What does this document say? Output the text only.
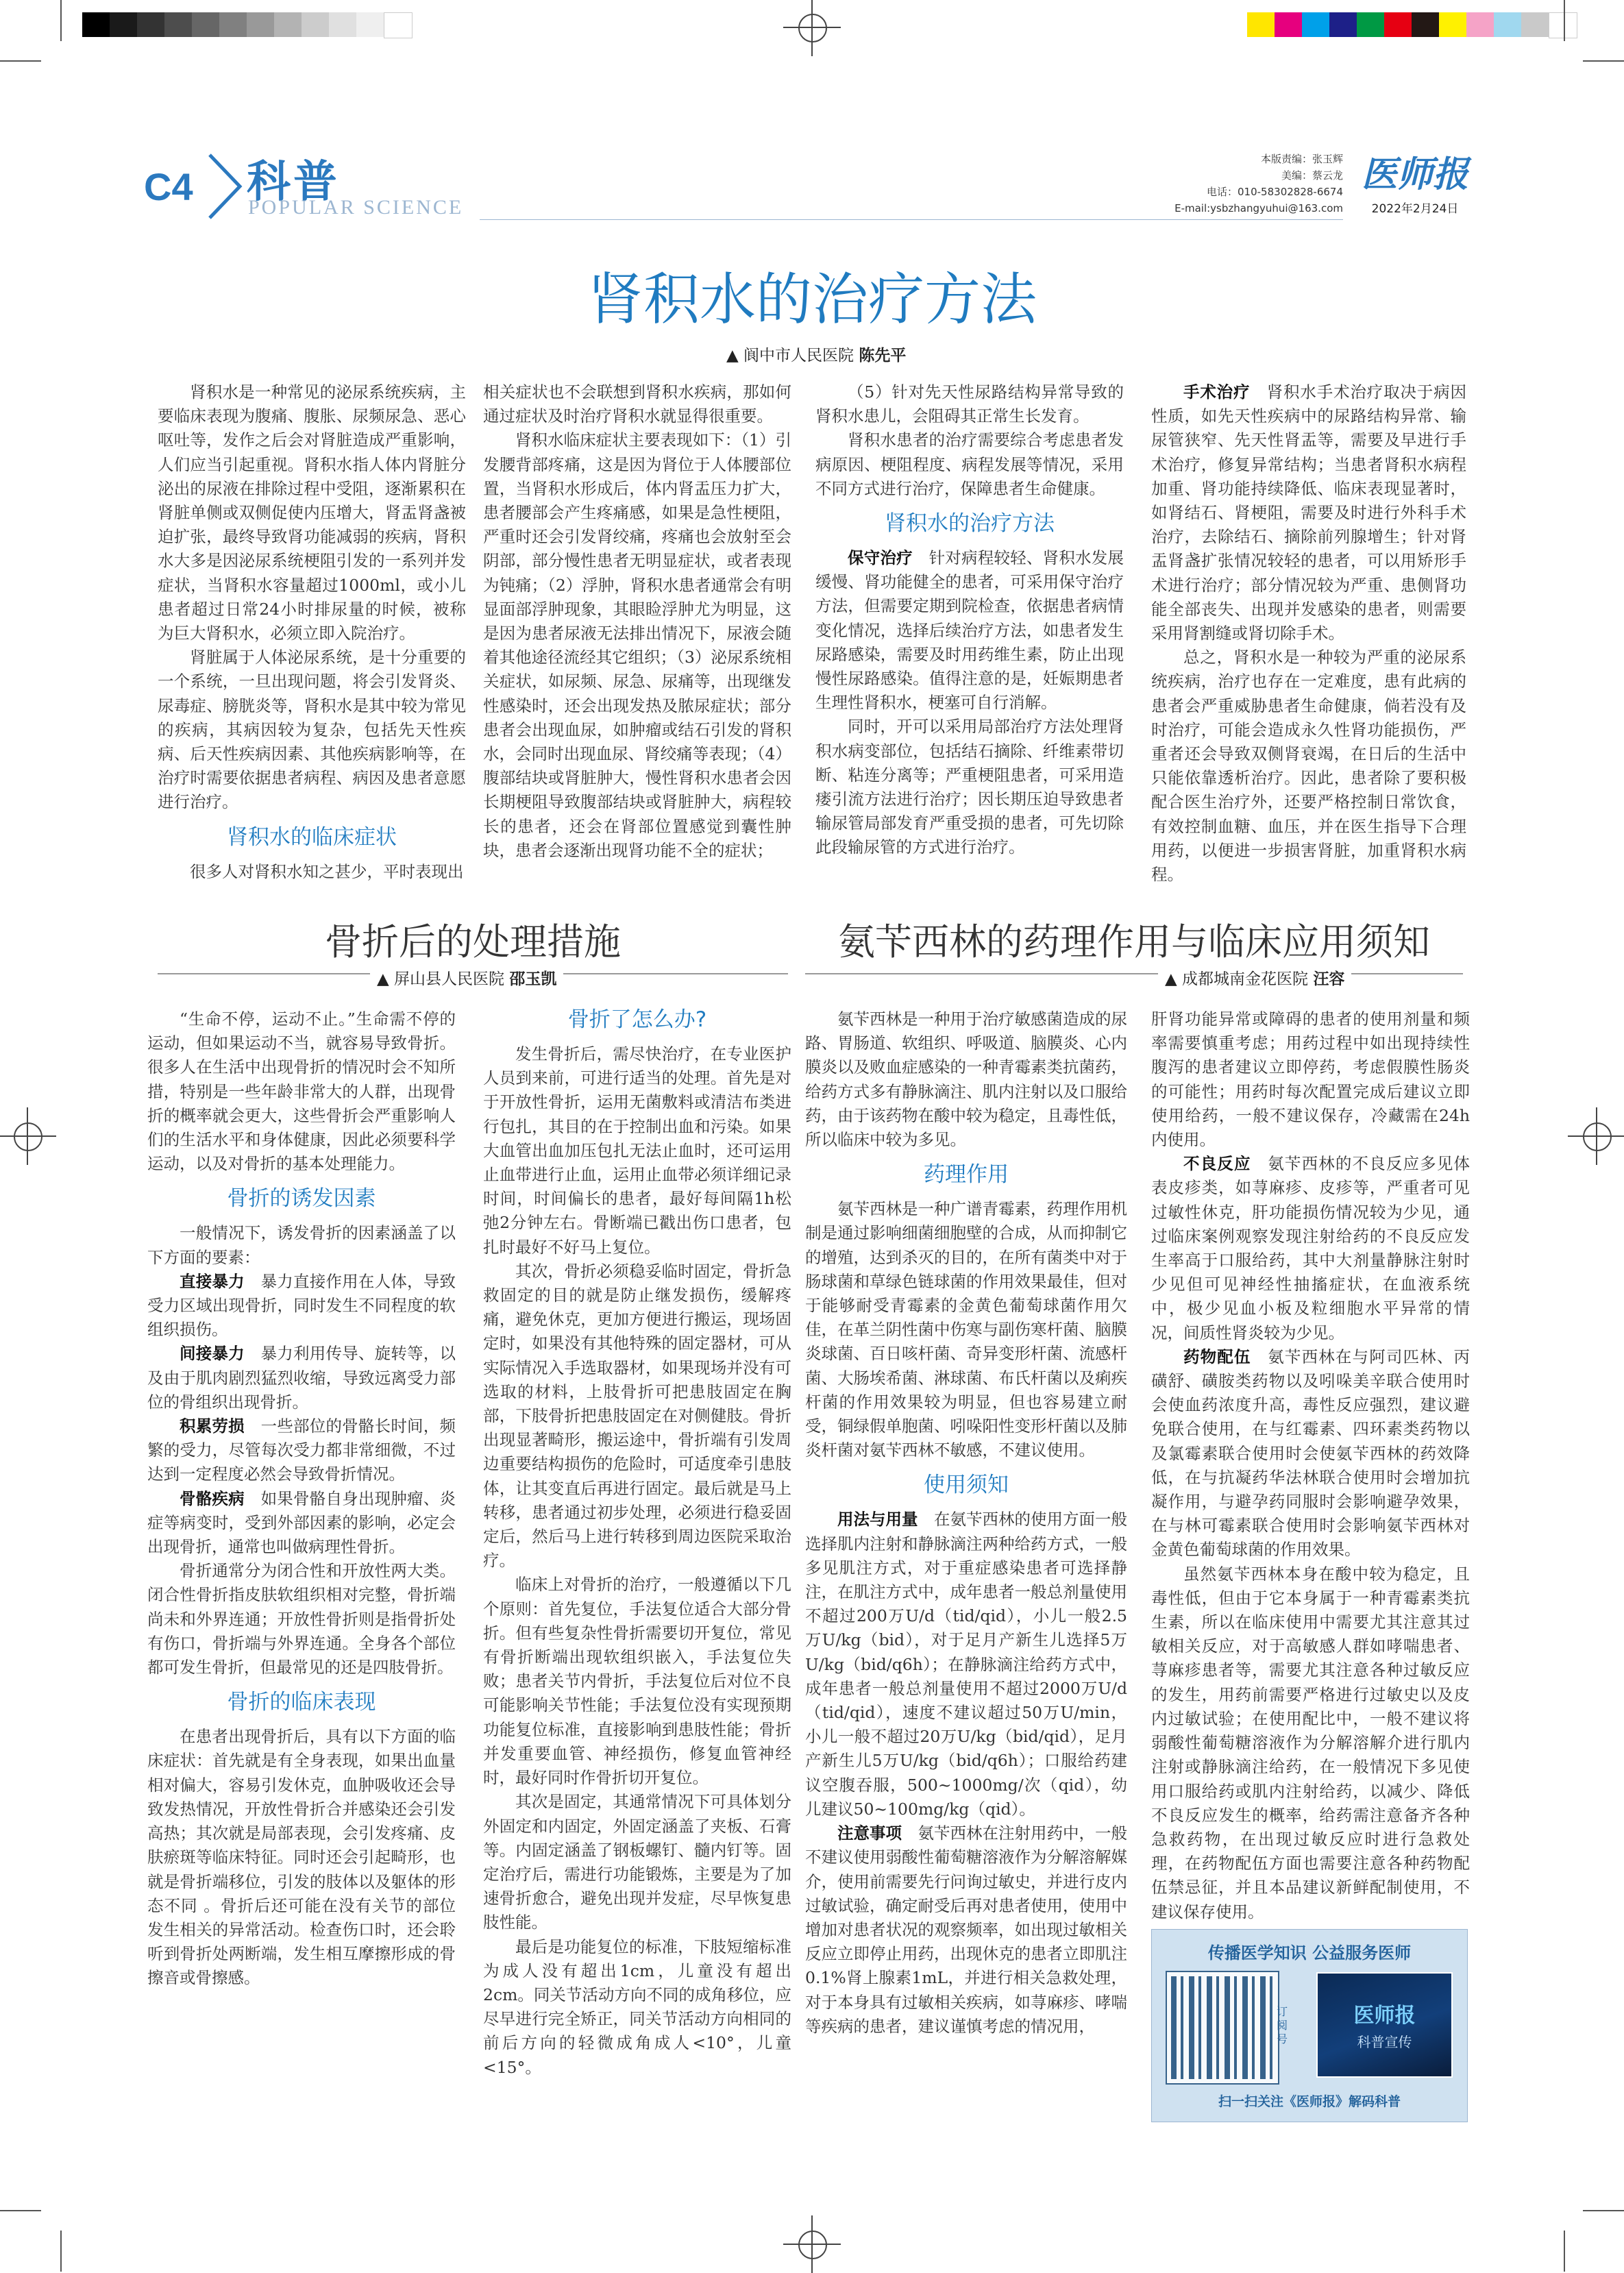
C4 科普
POPULAR SCIENCE
本版责编：张玉辉
美编：蔡云龙
电话：010-58302828-6674
E-mail:ysbzhangyuhui@163.com
医师报
2022年2月24日
肾积水的治疗方法
▲ 阆中市人民医院 陈先平

肾积水是一种常见的泌尿系统疾病，主要临床表现为腹痛、腹胀、尿频尿急、恶心呕吐等，发作之后会对肾脏造成严重影响，人们应当引起重视。肾积水指人体内肾脏分泌出的尿液在排除过程中受阻，逐渐累积在肾脏单侧或双侧促使内压增大，肾盂肾盏被迫扩张，最终导致肾功能减弱的疾病，肾积水大多是因泌尿系统梗阻引发的一系列并发症状，当肾积水容量超过1000ml，或小儿患者超过日常24小时排尿量的时候，被称为巨大肾积水，必须立即入院治疗。

肾脏属于人体泌尿系统，是十分重要的一个系统，一旦出现问题，将会引发肾炎、尿毒症、膀胱炎等，肾积水是其中较为常见的疾病，其病因较为复杂，包括先天性疾病、后天性疾病因素、其他疾病影响等，在治疗时需要依据患者病程、病因及患者意愿进行治疗。

肾积水的临床症状

很多人对肾积水知之甚少，平时表现出

相关症状也不会联想到肾积水疾病，那如何通过症状及时治疗肾积水就显得很重要。

肾积水临床症状主要表现如下：（1）引发腰背部疼痛，这是因为肾位于人体腰部位置，当肾积水形成后，体内肾盂压力扩大，患者腰部会产生疼痛感，如果是急性梗阻，严重时还会引发肾绞痛，疼痛也会放射至会阴部，部分慢性患者无明显症状，或者表现为钝痛；（2）浮肿，肾积水患者通常会有明显面部浮肿现象，其眼睑浮肿尤为明显，这是因为患者尿液无法排出情况下，尿液会随着其他途径流经其它组织；（3）泌尿系统相关症状，如尿频、尿急、尿痛等，出现继发性感染时，还会出现发热及脓尿症状；部分患者会出现血尿，如肿瘤或结石引发的肾积水，会同时出现血尿、肾绞痛等表现；（4）腹部结块或肾脏肿大，慢性肾积水患者会因长期梗阻导致腹部结块或肾脏肿大，病程较长的患者，还会在肾部位置感觉到囊性肿块，患者会逐渐出现肾功能不全的症状；

（5）针对先天性尿路结构异常导致的肾积水患儿，会阻碍其正常生长发育。

肾积水患者的治疗需要综合考虑患者发病原因、梗阻程度、病程发展等情况，采用不同方式进行治疗，保障患者生命健康。

肾积水的治疗方法

保守治疗　 针对病程较轻、肾积水发展缓慢、肾功能健全的患者，可采用保守治疗方法，但需要定期到院检查，依据患者病情变化情况，选择后续治疗方法，如患者发生尿路感染，需要及时用药维生素，防止出现慢性尿路感染。值得注意的是，妊娠期患者生理性肾积水，梗塞可自行消解。

同时，开可以采用局部治疗方法处理肾积水病变部位，包括结石摘除、纤维素带切断、粘连分离等；严重梗阻患者，可采用造瘘引流方法进行治疗；因长期压迫导致患者输尿管局部发育严重受损的患者，可先切除此段输尿管的方式进行治疗。

手术治疗　 肾积水手术治疗取决于病因性质，如先天性疾病中的尿路结构异常、输尿管狭窄、先天性肾盂等，需要及早进行手术治疗，修复异常结构；当患者肾积水病程加重、肾功能持续降低、临床表现显著时，如肾结石、肾梗阻，需要及时进行外科手术治疗，去除结石、摘除前列腺增生；针对肾盂肾盏扩张情况较轻的患者，可以用矫形手术进行治疗；部分情况较为严重、患侧肾功能全部丧失、出现并发感染的患者，则需要采用肾割缝或肾切除手术。

总之，肾积水是一种较为严重的泌尿系统疾病，治疗也存在一定难度，患有此病的患者会严重威胁患者生命健康，倘若没有及时治疗，可能会造成永久性肾功能损伤，严重者还会导致双侧肾衰竭，在日后的生活中只能依靠透析治疗。因此，患者除了要积极配合医生治疗外，还要严格控制日常饮食，有效控制血糖、血压，并在医生指导下合理用药，以便进一步损害肾脏，加重肾积水病程。

骨折后的处理措施
▲ 屏山县人民医院 邵玉凯

“生命不停，运动不止。”生命需不停的运动，但如果运动不当，就容易导致骨折。很多人在生活中出现骨折的情况时会不知所措，特别是一些年龄非常大的人群，出现骨折的概率就会更大，这些骨折会严重影响人们的生活水平和身体健康，因此必须要科学运动，以及对骨折的基本处理能力。

骨折的诱发因素

一般情况下，诱发骨折的因素涵盖了以下方面的要素：

直接暴力　 暴力直接作用在人体，导致受力区域出现骨折，同时发生不同程度的软组织损伤。

间接暴力　 暴力利用传导、旋转等，以及由于肌肉剧烈猛烈收缩，导致远离受力部位的骨组织出现骨折。

积累劳损　 一些部位的骨骼长时间，频繁的受力，尽管每次受力都非常细微，不过达到一定程度必然会导致骨折情况。

骨骼疾病　 如果骨骼自身出现肿瘤、炎症等病变时，受到外部因素的影响，必定会出现骨折，通常也叫做病理性骨折。

骨折通常分为闭合性和开放性两大类。闭合性骨折指皮肤软组织相对完整，骨折端尚未和外界连通；开放性骨折则是指骨折处有伤口，骨折端与外界连通。全身各个部位都可发生骨折，但最常见的还是四肢骨折。

骨折的临床表现

在患者出现骨折后，具有以下方面的临床症状：首先就是有全身表现，如果出血量相对偏大，容易引发休克，血肿吸收还会导致发热情况，开放性骨折合并感染还会引发高热；其次就是局部表现，会引发疼痛、皮肤瘀斑等临床特征。同时还会引起畸形，也就是骨折端移位，引发的肢体以及躯体的形态不同 。骨折后还可能在没有关节的部位发生相关的异常活动。检查伤口时，还会聆听到骨折处两断端，发生相互摩擦形成的骨擦音或骨擦感。

骨折了怎么办?

发生骨折后，需尽快治疗，在专业医护人员到来前，可进行适当的处理。首先是对于开放性骨折，运用无菌敷料或清洁布类进行包扎，其目的在于控制出血和污染。如果大血管出血加压包扎无法止血时，还可运用止血带进行止血，运用止血带必须详细记录时间，时间偏长的患者，最好每间隔1h松弛2分钟左右。骨断端已戳出伤口患者，包扎时最好不好马上复位。

其次，骨折必须稳妥临时固定，骨折急救固定的目的就是防止继发损伤，缓解疼痛，避免休克，更加方便进行搬运，现场固定时，如果没有其他特殊的固定器材，可从实际情况入手选取器材，如果现场并没有可选取的材料，上肢骨折可把患肢固定在胸部，下肢骨折把患肢固定在对侧健肢。骨折出现显著畸形，搬运途中，骨折端有引发周边重要结构损伤的危险时，可适度牵引患肢体，让其变直后再进行固定。最后就是马上转移，患者通过初步处理，必须进行稳妥固定后，然后马上进行转移到周边医院采取治疗。

临床上对骨折的治疗，一般遵循以下几个原则：首先复位，手法复位适合大部分骨折。但有些复杂性骨折需要切开复位，常见有骨折断端出现软组织嵌入，手法复位失败；患者关节内骨折，手法复位后对位不良可能影响关节性能；手法复位没有实现预期功能复位标准，直接影响到患肢性能；骨折并发重要血管、神经损伤，修复血管神经时，最好同时作骨折切开复位。

其次是固定，其通常情况下可具体划分外固定和内固定，外固定涵盖了夹板、石膏等。内固定涵盖了钢板螺钉、髓内钉等。固定治疗后，需进行功能锻炼，主要是为了加速骨折愈合，避免出现并发症，尽早恢复患肢性能。

最后是功能复位的标准，下肢短缩标准为成人没有超出1cm，儿童没有超出2cm。同关节活动方向不同的成角移位，应尽早进行完全矫正，同关节活动方向相同的前后方向的轻微成角成人<10°，儿童<15°。

氨苄西林的药理作用与临床应用须知
▲ 成都城南金花医院 汪容

氨苄西林是一种用于治疗敏感菌造成的尿路、胃肠道、软组织、呼吸道、脑膜炎、心内膜炎以及败血症感染的一种青霉素类抗菌药，给药方式多有静脉滴注、肌内注射以及口服给药，由于该药物在酸中较为稳定，且毒性低，所以临床中较为多见。

药理作用

氨苄西林是一种广谱青霉素，药理作用机制是通过影响细菌细胞壁的合成，从而抑制它的增殖，达到杀灭的目的，在所有菌类中对于肠球菌和草绿色链球菌的作用效果最佳，但对于能够耐受青霉素的金黄色葡萄球菌作用欠佳，在革兰阴性菌中伤寒与副伤寒杆菌、脑膜炎球菌、百日咳杆菌、奇异变形杆菌、流感杆菌、大肠埃希菌、淋球菌、布氏杆菌以及痢疾杆菌的作用效果较为明显，但也容易建立耐受，铜绿假单胞菌、吲哚阳性变形杆菌以及肺炎杆菌对氨苄西林不敏感，不建议使用。

使用须知

用法与用量　 在氨苄西林的使用方面一般选择肌内注射和静脉滴注两种给药方式，一般多见肌注方式，对于重症感染患者可选择静注，在肌注方式中，成年患者一般总剂量使用不超过200万U/d（tid/qid），小儿一般2.5万U/kg（bid），对于足月产新生儿选择5万U/kg（bid/q6h）；在静脉滴注给药方式中，成年患者一般总剂量使用不超过2000万U/d（tid/qid），速度不建议超过50万U/min，小儿一般不超过20万U/kg（bid/qid），足月产新生儿5万U/kg（bid/q6h）；口服给药建议空腹吞服，500~1000mg/次（qid），幼儿建议50~100mg/kg（qid）。

注意事项　 氨苄西林在注射用药中，一般不建议使用弱酸性葡萄糖溶液作为分解溶解媒介，使用前需要先行问询过敏史，并进行皮内过敏试验，确定耐受后再对患者使用，使用中增加对患者状况的观察频率，如出现过敏相关反应立即停止用药，出现休克的患者立即肌注0.1%肾上腺素1mL，并进行相关急救处理，对于本身具有过敏相关疾病，如荨麻疹、哮喘等疾病的患者，建议谨慎考虑的情况用，

肝肾功能异常或障碍的患者的使用剂量和频率需要慎重考虑；用药过程中如出现持续性腹泻的患者建议立即停药，考虑假膜性肠炎的可能性；用药时每次配置完成后建议立即使用给药，一般不建议保存，冷藏需在24h内使用。

不良反应　 氨苄西林的不良反应多见体表皮疹类，如荨麻疹、皮疹等，严重者可见过敏性休克，肝功能损伤情况较为少见，通过临床案例观察发现注射给药的不良反应发生率高于口服给药，其中大剂量静脉注射时少见但可见神经性抽搐症状，在血液系统中，极少见血小板及粒细胞水平异常的情况，间质性肾炎较为少见。

药物配伍　 氨苄西林在与阿司匹林、丙磺舒、磺胺类药物以及吲哚美辛联合使用时会使血药浓度升高，毒性反应强烈，建议避免联合使用，在与红霉素、四环素类药物以及氯霉素联合使用时会使氨苄西林的药效降低，在与抗凝药华法林联合使用时会增加抗凝作用，与避孕药同服时会影响避孕效果，在与林可霉素联合使用时会影响氨苄西林对金黄色葡萄球菌的作用效果。

虽然氨苄西林本身在酸中较为稳定，且毒性低，但由于它本身属于一种青霉素类抗生素，所以在临床使用中需要尤其注意其过敏相关反应，对于高敏感人群如哮喘患者、荨麻疹患者等，需要尤其注意各种过敏反应的发生，用药前需要严格进行过敏史以及皮内过敏试验；在使用配比中，一般不建议将弱酸性葡萄糖溶液作为分解溶解介进行肌内注射或静脉滴注给药，在一般情况下多见使用口服给药或肌内注射给药，以减少、降低不良反应发生的概率，给药需注意备齐各种急救药物，在出现过敏反应时进行急救处理，在药物配伍方面也需要注意各种药物配伍禁忌征，并且本品建议新鲜配制使用，不建议保存使用。

传播医学知识 公益服务医师
订阅号
医师报
科普宣传
扫一扫关注《医师报》解码科普
